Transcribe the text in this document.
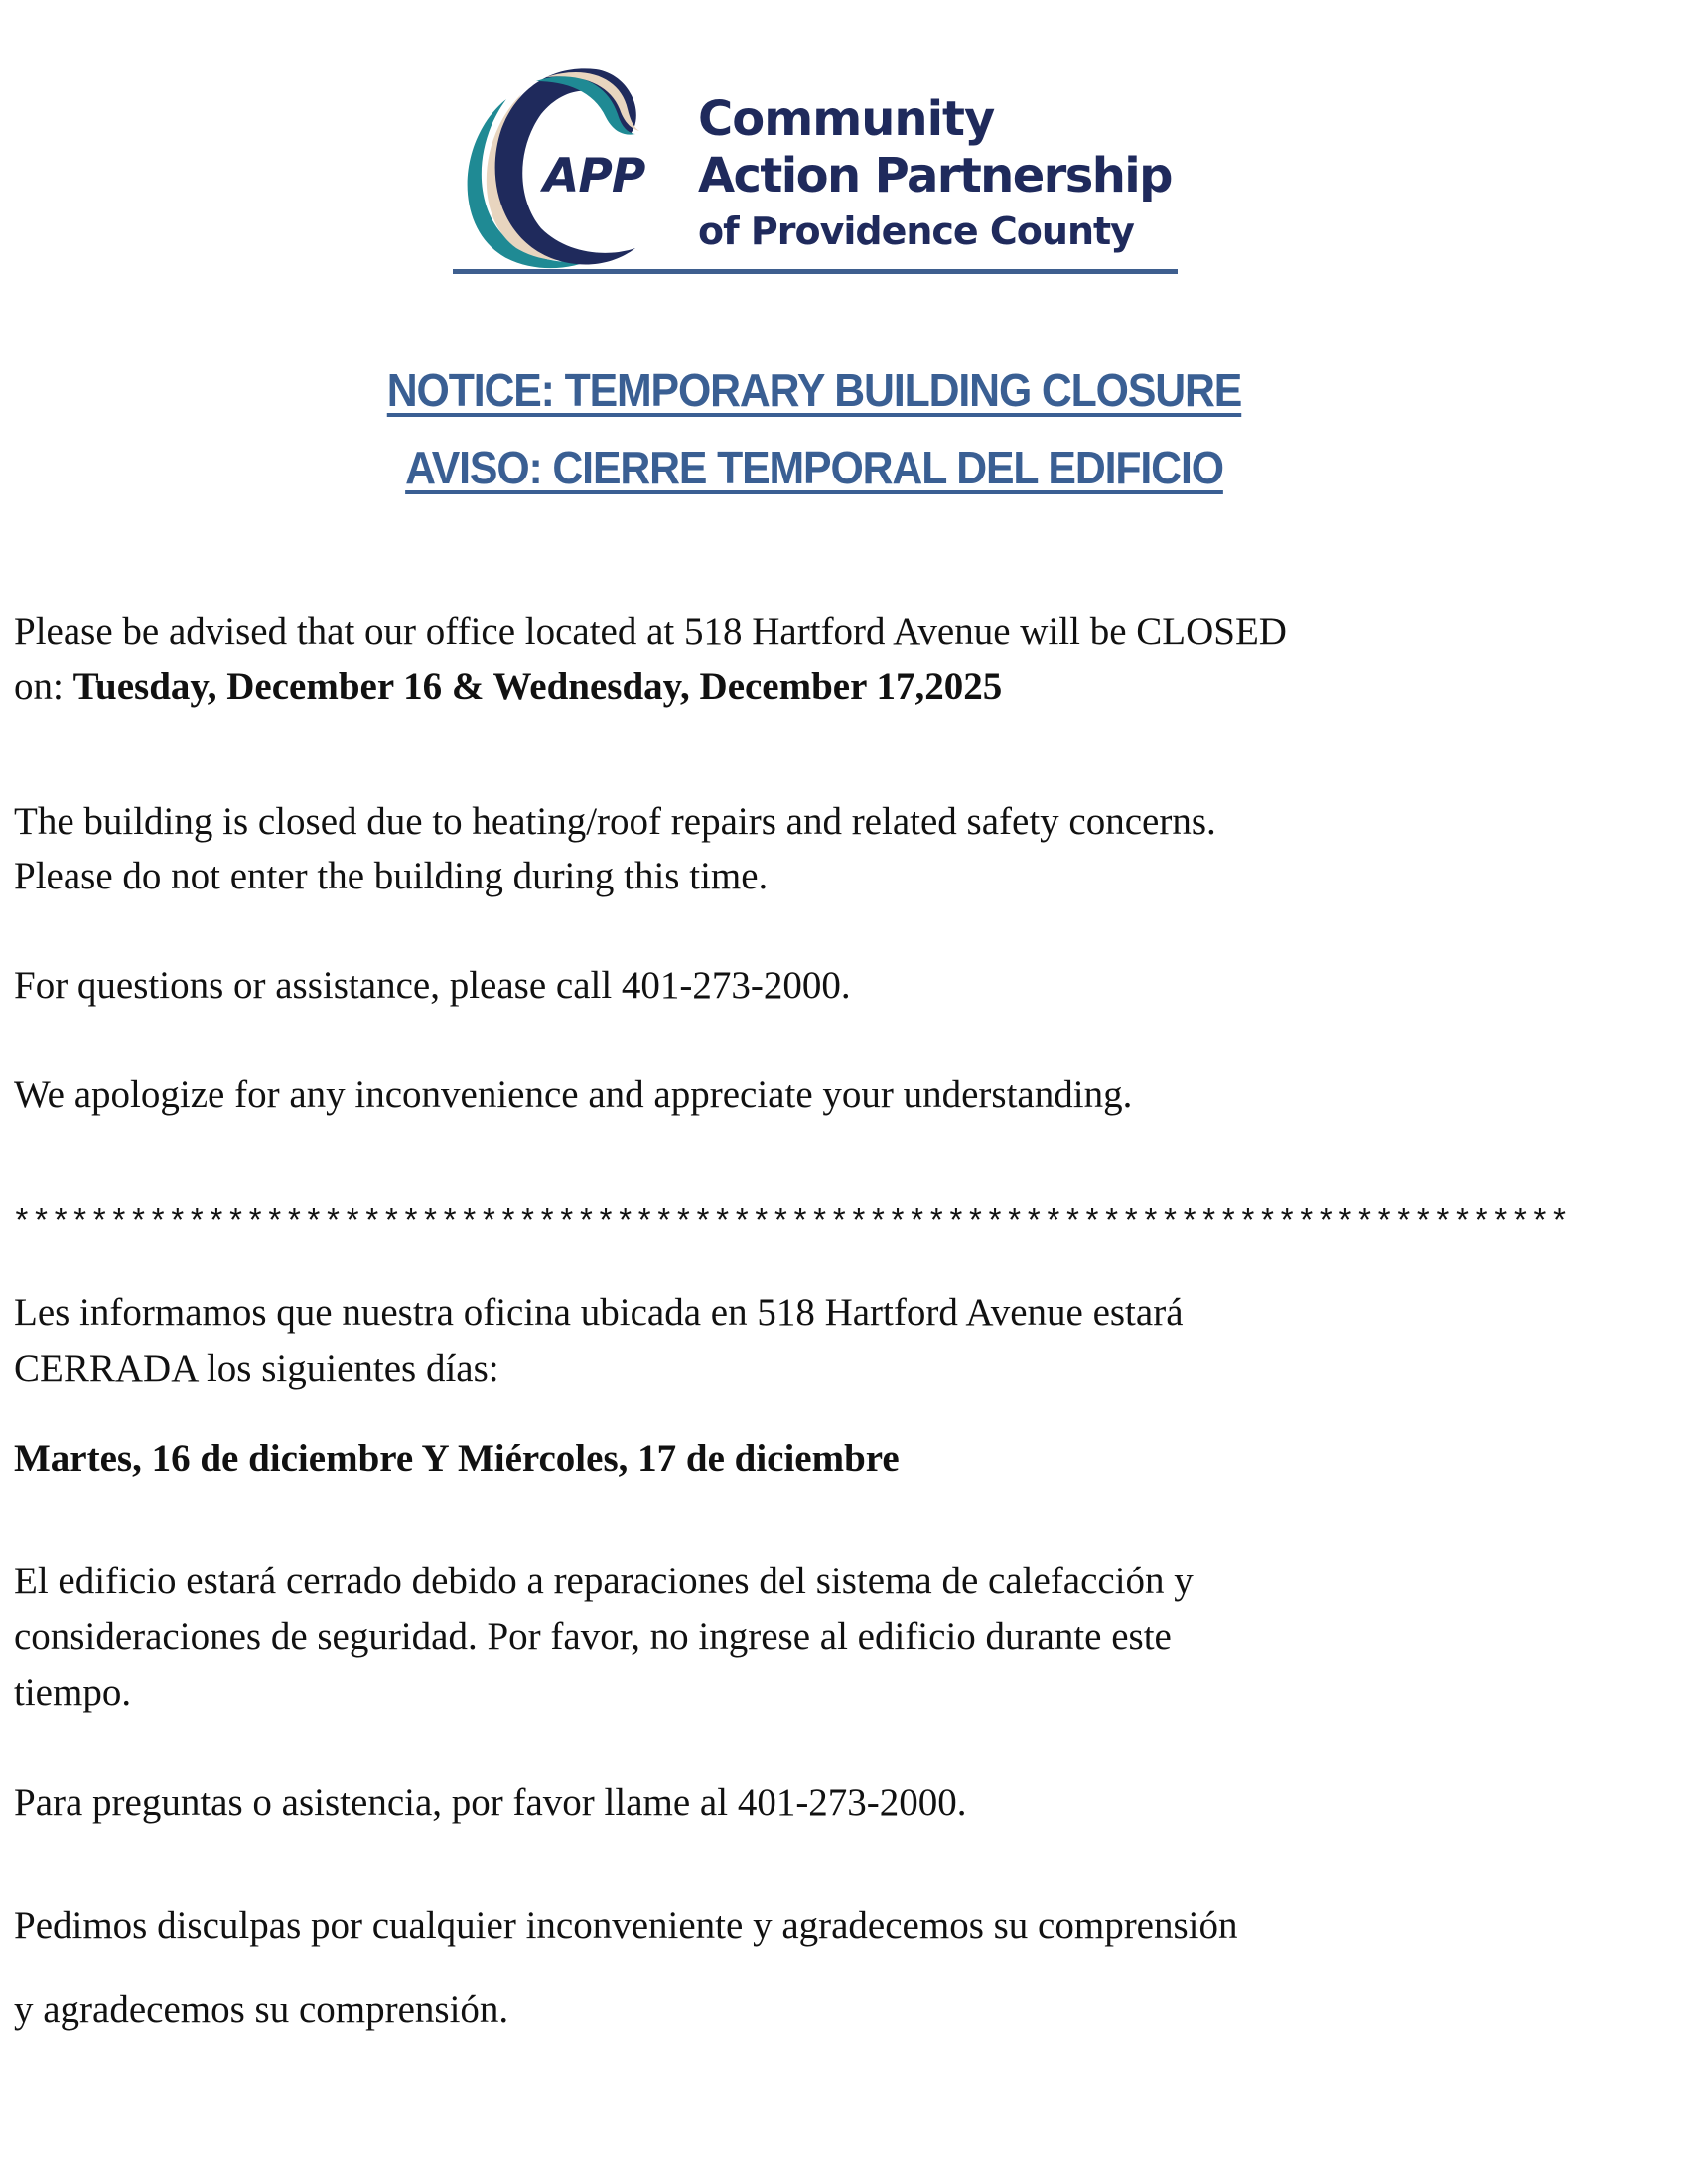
APP
Community
Action Partnership
of Providence County
NOTICE: TEMPORARY BUILDING CLOSURE
AVISO: CIERRE TEMPORAL DEL EDIFICIO
Please be advised that our office located at 518 Hartford Avenue will be CLOSED
on: Tuesday, December 16 & Wednesday, December 17,2025
The building is closed due to heating/roof repairs and related safety concerns.
Please do not enter the building during this time.
For questions or assistance, please call 401-273-2000.
We apologize for any inconvenience and appreciate your understanding.
********************************************************************************
Les informamos que nuestra oficina ubicada en 518 Hartford Avenue estará
CERRADA los siguientes días:
Martes, 16 de diciembre Y Miércoles, 17 de diciembre
El edificio estará cerrado debido a reparaciones del sistema de calefacción y
consideraciones de seguridad. Por favor, no ingrese al edificio durante este
tiempo.
Para preguntas o asistencia, por favor llame al 401-273-2000.
Pedimos disculpas por cualquier inconveniente y agradecemos su comprensión
y agradecemos su comprensión.
